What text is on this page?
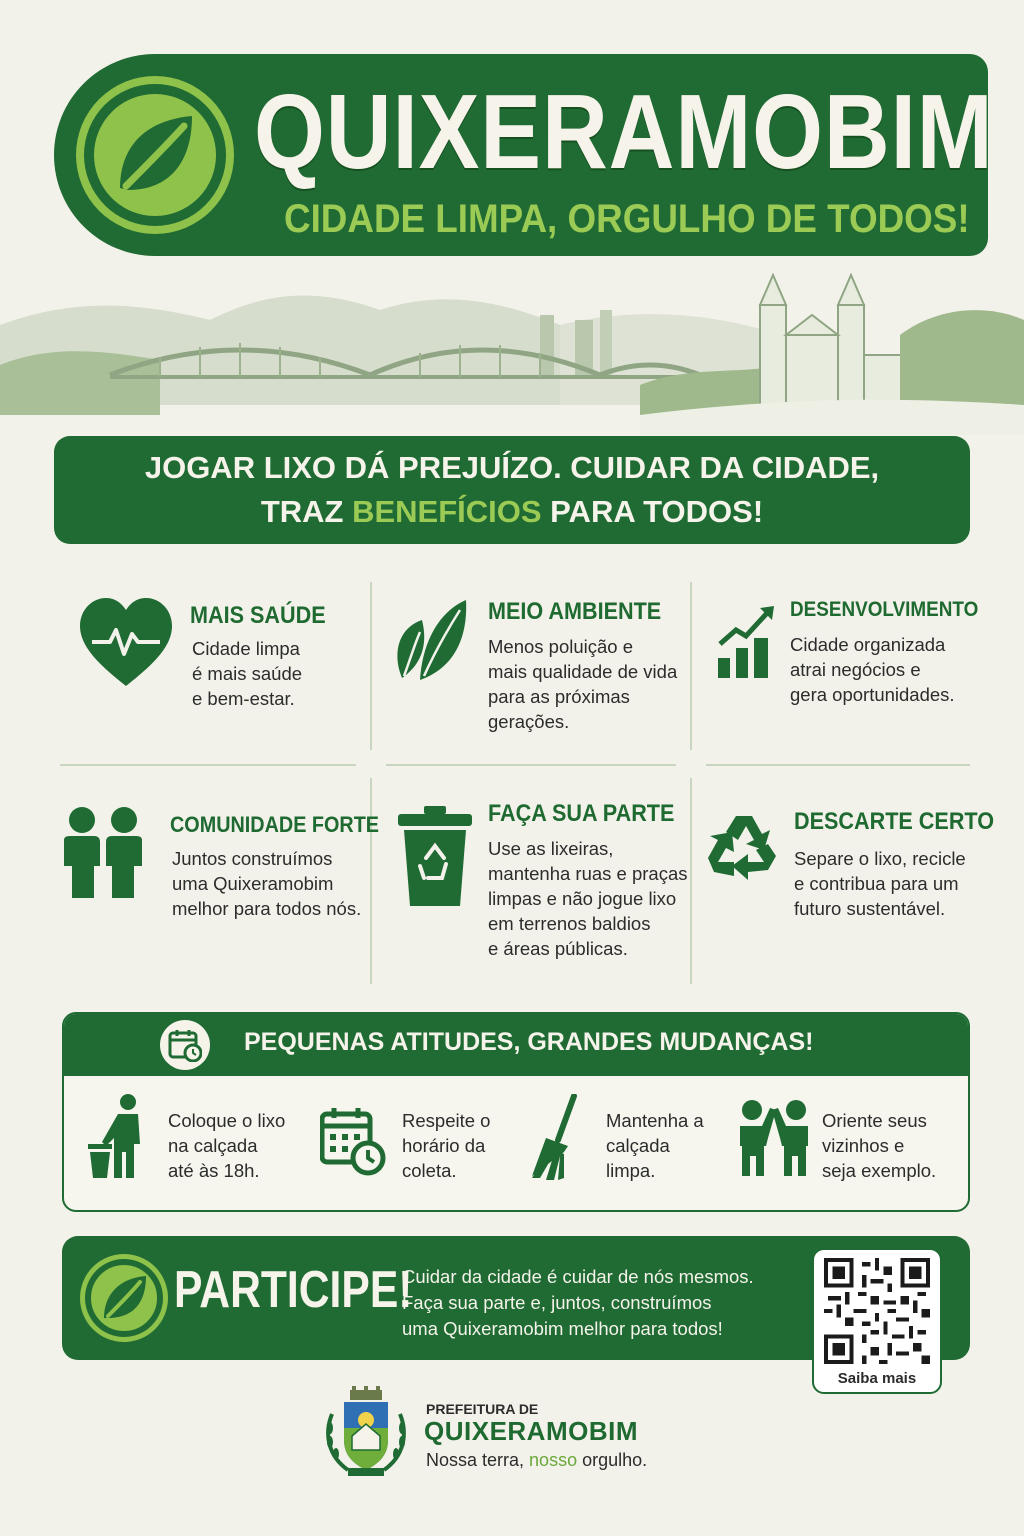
QUIXERAMOBIM
CIDADE LIMPA, ORGULHO DE TODOS!
JOGAR LIXO DÁ PREJUÍZO. CUIDAR DA CIDADE,
TRAZ BENEFÍCIOS PARA TODOS!
MAIS SAÚDE

Cidade limpa
é mais saúde
e bem-estar.

MEIO AMBIENTE

Menos poluição e
mais qualidade de vida
para as próximas
gerações.

DESENVOLVIMENTO

Cidade organizada
atrai negócios e
gera oportunidades.

COMUNIDADE FORTE

Juntos construímos
uma Quixeramobim
melhor para todos nós.

FAÇA SUA PARTE

Use as lixeiras,
mantenha ruas e praças
limpas e não jogue lixo
em terrenos baldios
e áreas públicas.

DESCARTE CERTO

Separe o lixo, recicle
e contribua para um
futuro sustentável.

PEQUENAS ATITUDES, GRANDES MUDANÇAS!

Coloque o lixo
na calçada
até às 18h.

Respeite o
horário da
coleta.

Mantenha a
calçada
limpa.

Oriente seus
vizinhos e
seja exemplo.

PARTICIPE!
Cuidar da cidade é cuidar de nós mesmos.
Faça sua parte e, juntos, construímos
uma Quixeramobim melhor para todos!
Saiba mais
PREFEITURA DE
QUIXERAMOBIM
Nossa terra, nosso orgulho.
